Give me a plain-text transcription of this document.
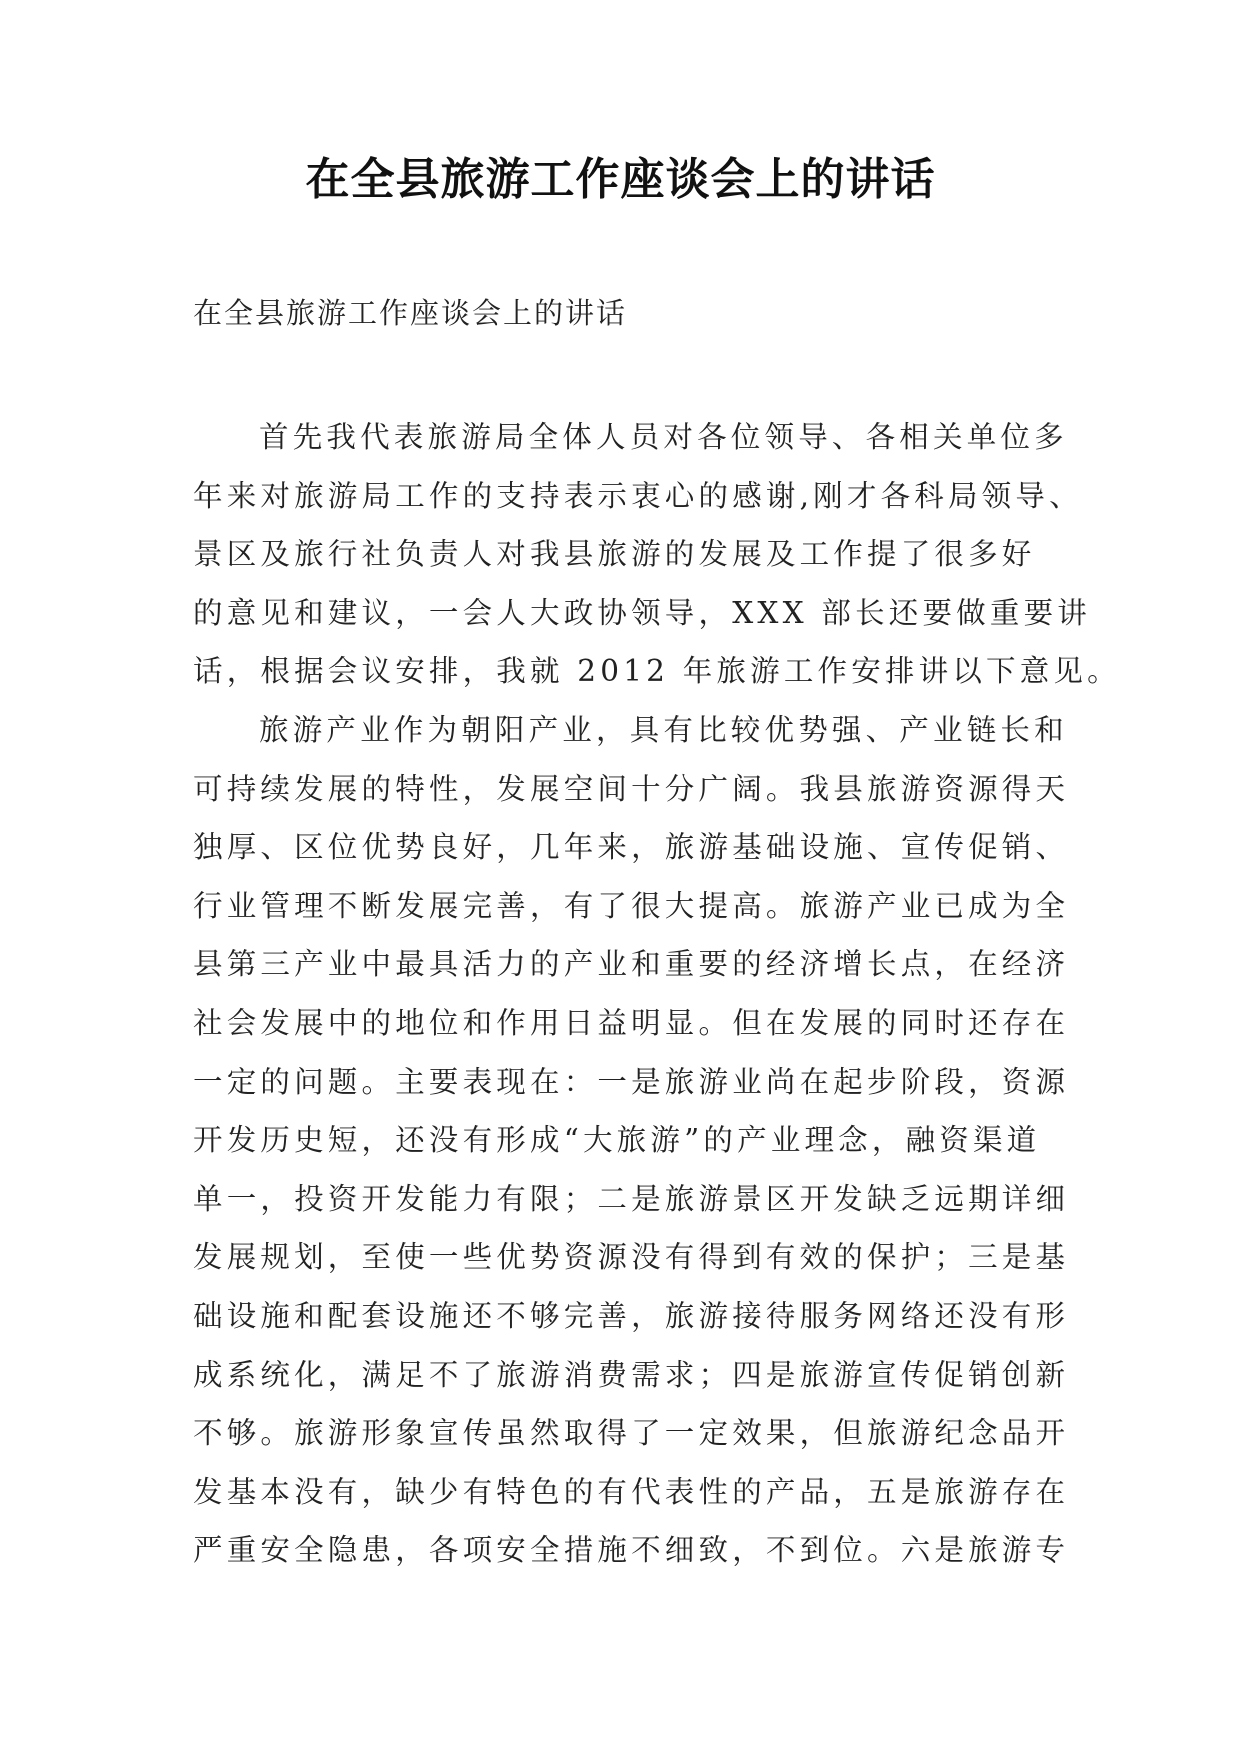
在全县旅游工作座谈会上的讲话
在全县旅游工作座谈会上的讲话
首先我代表旅游局全体人员对各位领导、各相关单位多
年来对旅游局工作的支持表示衷心的感谢,刚才各科局领导、
景区及旅行社负责人对我县旅游的发展及工作提了很多好
的意见和建议，一会人大政协领导，XXX 部长还要做重要讲
话，根据会议安排，我就 2012 年旅游工作安排讲以下意见。
旅游产业作为朝阳产业，具有比较优势强、产业链长和
可持续发展的特性，发展空间十分广阔。我县旅游资源得天
独厚、区位优势良好，几年来，旅游基础设施、宣传促销、
行业管理不断发展完善，有了很大提高。旅游产业已成为全
县第三产业中最具活力的产业和重要的经济增长点，在经济
社会发展中的地位和作用日益明显。但在发展的同时还存在
一定的问题。主要表现在：一是旅游业尚在起步阶段，资源
开发历史短，还没有形成“大旅游”的产业理念，融资渠道
单一，投资开发能力有限；二是旅游景区开发缺乏远期详细
发展规划，至使一些优势资源没有得到有效的保护；三是基
础设施和配套设施还不够完善，旅游接待服务网络还没有形
成系统化，满足不了旅游消费需求；四是旅游宣传促销创新
不够。旅游形象宣传虽然取得了一定效果，但旅游纪念品开
发基本没有，缺少有特色的有代表性的产品，五是旅游存在
严重安全隐患，各项安全措施不细致，不到位。六是旅游专
